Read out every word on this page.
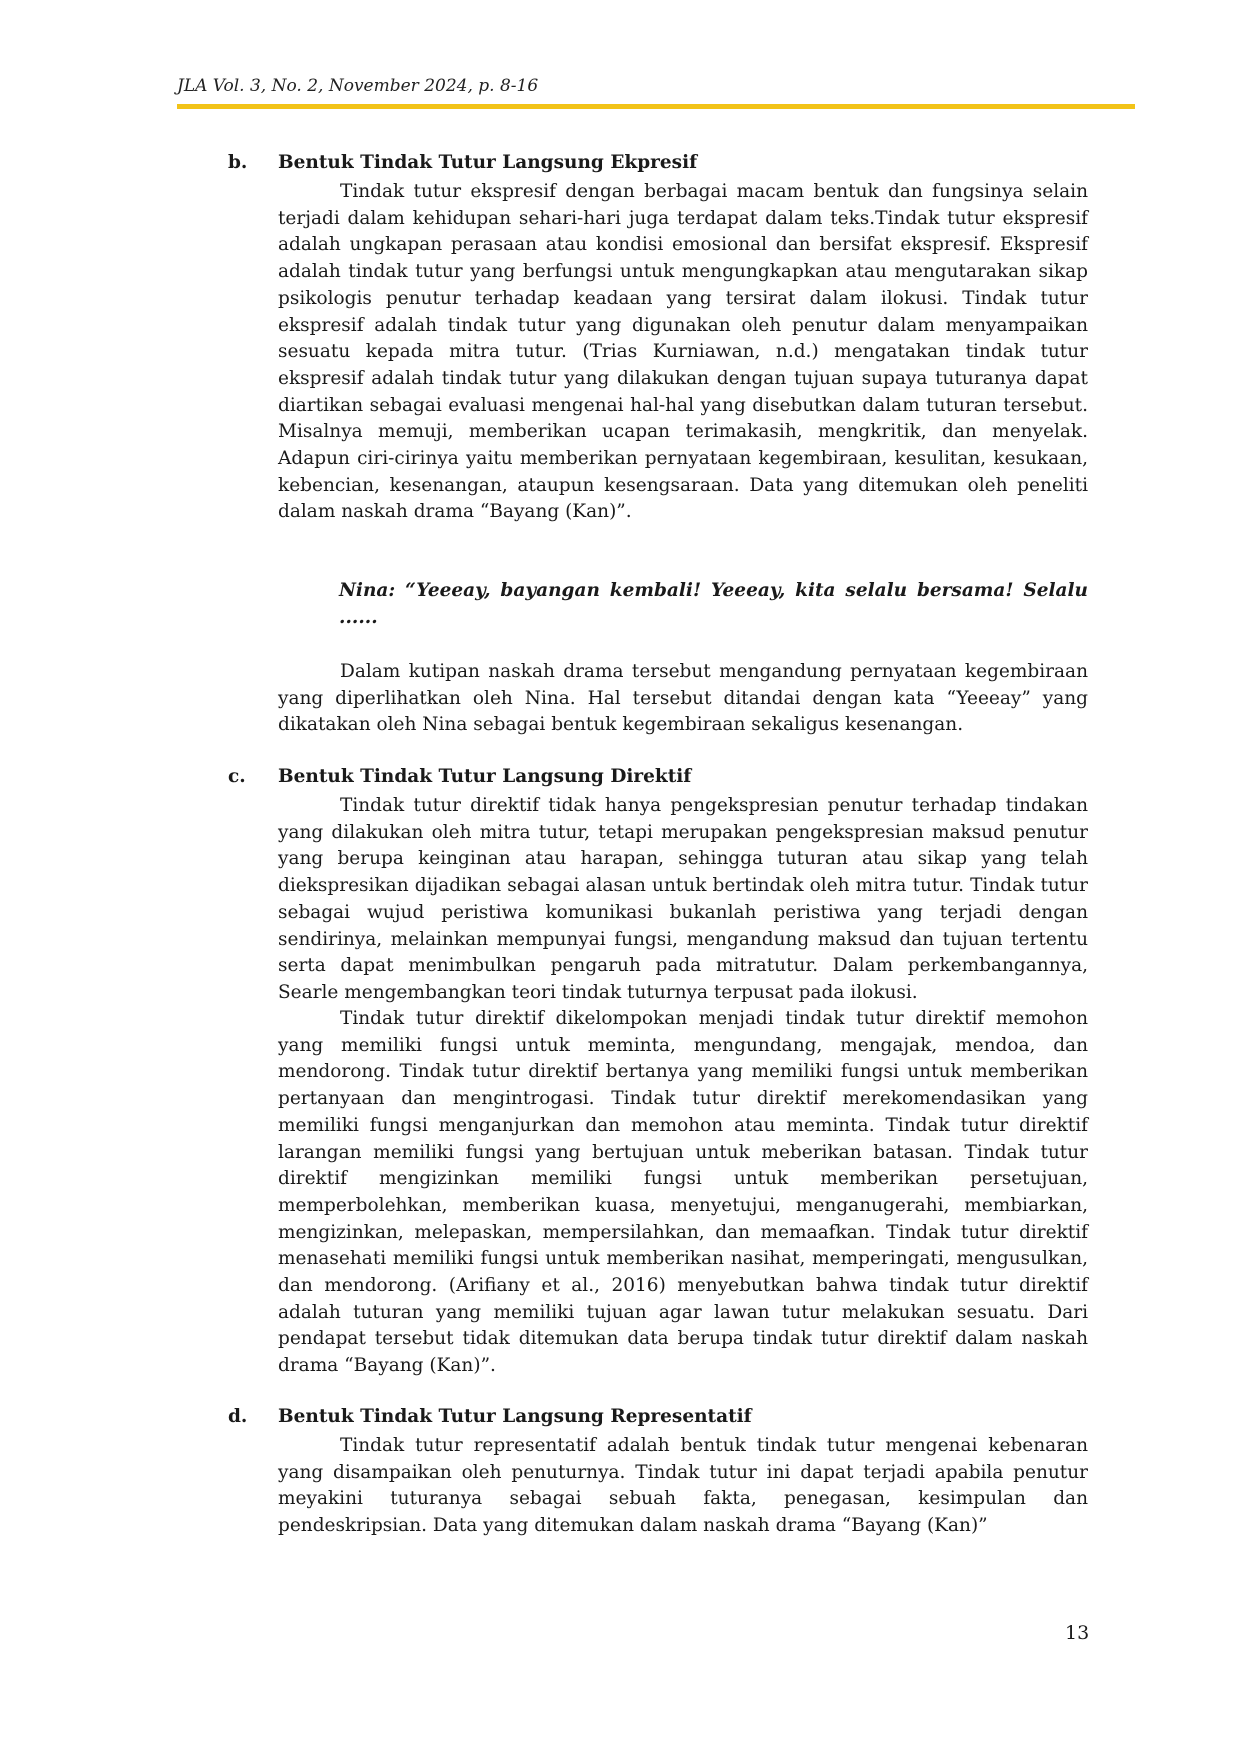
JLA Vol. 3, No. 2, November 2024, p. 8-16
b.	Bentuk Tindak Tutur Langsung Ekpresif

Tindak tutur ekspresif dengan berbagai macam bentuk dan fungsinya selain terjadi dalam kehidupan sehari-hari juga terdapat dalam teks.Tindak tutur ekspresif adalah ungkapan perasaan atau kondisi emosional dan bersifat ekspresif. Ekspresif adalah tindak tutur yang berfungsi untuk mengungkapkan atau mengutarakan sikap psikologis penutur terhadap keadaan yang tersirat dalam ilokusi. Tindak tutur ekspresif adalah tindak tutur yang digunakan oleh penutur dalam menyampaikan sesuatu kepada mitra tutur. (Trias Kurniawan, n.d.) mengatakan tindak tutur ekspresif adalah tindak tutur yang dilakukan dengan tujuan supaya tuturanya dapat diartikan sebagai evaluasi mengenai hal-hal yang disebutkan dalam tuturan tersebut. Misalnya memuji, memberikan ucapan terimakasih, mengkritik, dan menyelak. Adapun ciri-cirinya yaitu memberikan pernyataan kegembiraan, kesulitan, kesukaan, kebencian, kesenangan, ataupun kesengsaraan. Data yang ditemukan oleh peneliti dalam naskah drama “Bayang (Kan)”.

Nina: “Yeeeay, bayangan kembali! Yeeeay, kita selalu bersama! Selalu ......

Dalam kutipan naskah drama tersebut mengandung pernyataan kegembiraan yang diperlihatkan oleh Nina. Hal tersebut ditandai dengan kata “Yeeeay” yang dikatakan oleh Nina sebagai bentuk kegembiraan sekaligus kesenangan.

c.	Bentuk Tindak Tutur Langsung Direktif

Tindak tutur direktif tidak hanya pengekspresian penutur terhadap tindakan yang dilakukan oleh mitra tutur, tetapi merupakan pengekspresian maksud penutur yang berupa keinginan atau harapan, sehingga tuturan atau sikap yang telah diekspresikan dijadikan sebagai alasan untuk bertindak oleh mitra tutur. Tindak tutur sebagai wujud peristiwa komunikasi bukanlah peristiwa yang terjadi dengan sendirinya, melainkan mempunyai fungsi, mengandung maksud dan tujuan tertentu serta dapat menimbulkan pengaruh pada mitratutur. Dalam perkembangannya, Searle mengembangkan teori tindak tuturnya terpusat pada ilokusi.

Tindak tutur direktif dikelompokan menjadi tindak tutur direktif memohon yang memiliki fungsi untuk meminta, mengundang, mengajak, mendoa, dan mendorong. Tindak tutur direktif bertanya yang memiliki fungsi untuk memberikan pertanyaan dan mengintrogasi. Tindak tutur direktif merekomendasikan yang memiliki fungsi menganjurkan dan memohon atau meminta. Tindak tutur direktif larangan memiliki fungsi yang bertujuan untuk meberikan batasan. Tindak tutur direktif mengizinkan memiliki fungsi untuk memberikan persetujuan, memperbolehkan, memberikan kuasa, menyetujui, menganugerahi, membiarkan, mengizinkan, melepaskan, mempersilahkan, dan memaafkan. Tindak tutur direktif menasehati memiliki fungsi untuk memberikan nasihat, memperingati, mengusulkan, dan mendorong. (Arifiany et al., 2016) menyebutkan bahwa tindak tutur direktif adalah tuturan yang memiliki tujuan agar lawan tutur melakukan sesuatu. Dari pendapat tersebut tidak ditemukan data berupa tindak tutur direktif dalam naskah drama “Bayang (Kan)”.

d.	Bentuk Tindak Tutur Langsung Representatif

Tindak tutur representatif adalah bentuk tindak tutur mengenai kebenaran yang disampaikan oleh penuturnya. Tindak tutur ini dapat terjadi apabila penutur meyakini tuturanya sebagai sebuah fakta, penegasan, kesimpulan dan pendeskripsian. Data yang ditemukan dalam naskah drama “Bayang (Kan)”

13
